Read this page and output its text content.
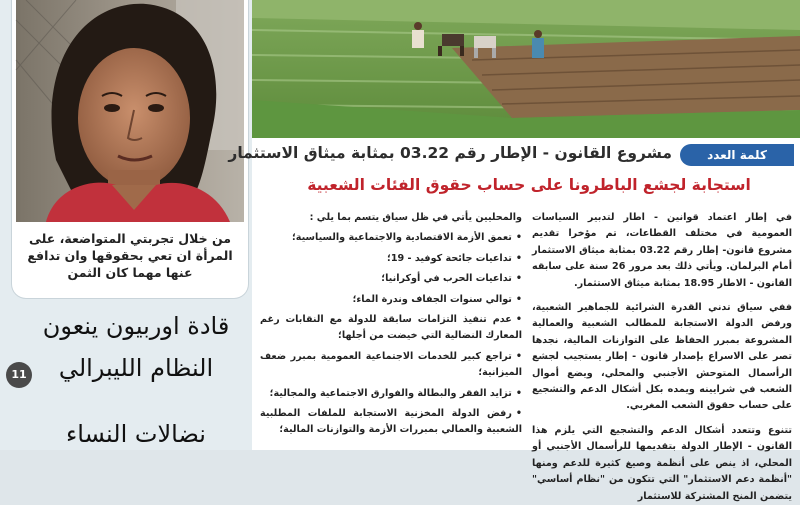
من خلال تجربتي المتواضعة، على المرأة ان تعي بحقوقها وان تدافع عنها مهما كان الثمن
قادة اوربيون ينعون
النظام الليبرالي
11
نضالات النساء
كلمة العدد
مشروع القانون - الإطار رقم 03.22 بمثابة ميثاق الاستثمار
استجابة لجشع الباطرونا على حساب حقوق الفئات الشعبية

في إطار اعتماد قوانين - اطار لتدبير السياسات العمومية في مختلف القطاعات، تم مؤخرا تقديم مشروع قانون- إطار رقم 03.22 بمثابة ميثاق الاستثمار أمام البرلمان. ويأتي ذلك بعد مرور 26 سنة على سابقه القانون - الاطار 18.95 بمثابة ميثاق الاستثمار.

ففي سياق تدني القدرة الشرائية للجماهير الشعبية، ورفض الدولة الاستجابة للمطالب الشعبية والعمالية المشروعة بمبرر الحفاظ على التوازنات المالية، نجدها تصر على الاسراع بإصدار قانون - إطار يستجيب لجشع الرأسمال المتوحش الأجنبي والمحلي، ويضع أموال الشعب في شرايينه ويمده بكل أشكال الدعم والتشجيع على حساب حقوق الشعب المغربي.

تتنوع وتتعدد أشكال الدعم والتشجيع التي يلزم هذا القانون - الإطار الدولة بتقديمها للرأسمال الأجنبي أو المحلي، اذ ينص على أنظمة وصيغ كثيرة للدعم ومنها "أنظمة دعم الاستثمار" التي تتكون من "نظام أساسي" يتضمن المنح المشتركة للاستثمار

والمحليين يأتي في ظل سياق يتسم بما يلي :
• تعمق الأزمة الاقتصادية والاجتماعية والسياسية؛
• تداعيات جائحة كوفيد - 19؛
• تداعيات الحرب في أوكرانيا؛
• توالي سنوات الجفاف وندرة الماء؛
• عدم تنفيذ التزامات سابقة للدولة مع النقابات رغم المعارك النضالية التي خيضت من أجلها؛
• تراجع كبير للخدمات الاجتماعية العمومية بمبرر ضعف الميزانية؛
• تزايد الفقر والبطالة والفوارق الاجتماعية والمجالية؛
• رفض الدولة المخزنية الاستجابة للملفات المطلبية الشعبية والعمالي بمبررات الأزمة والتوازنات المالية؛
